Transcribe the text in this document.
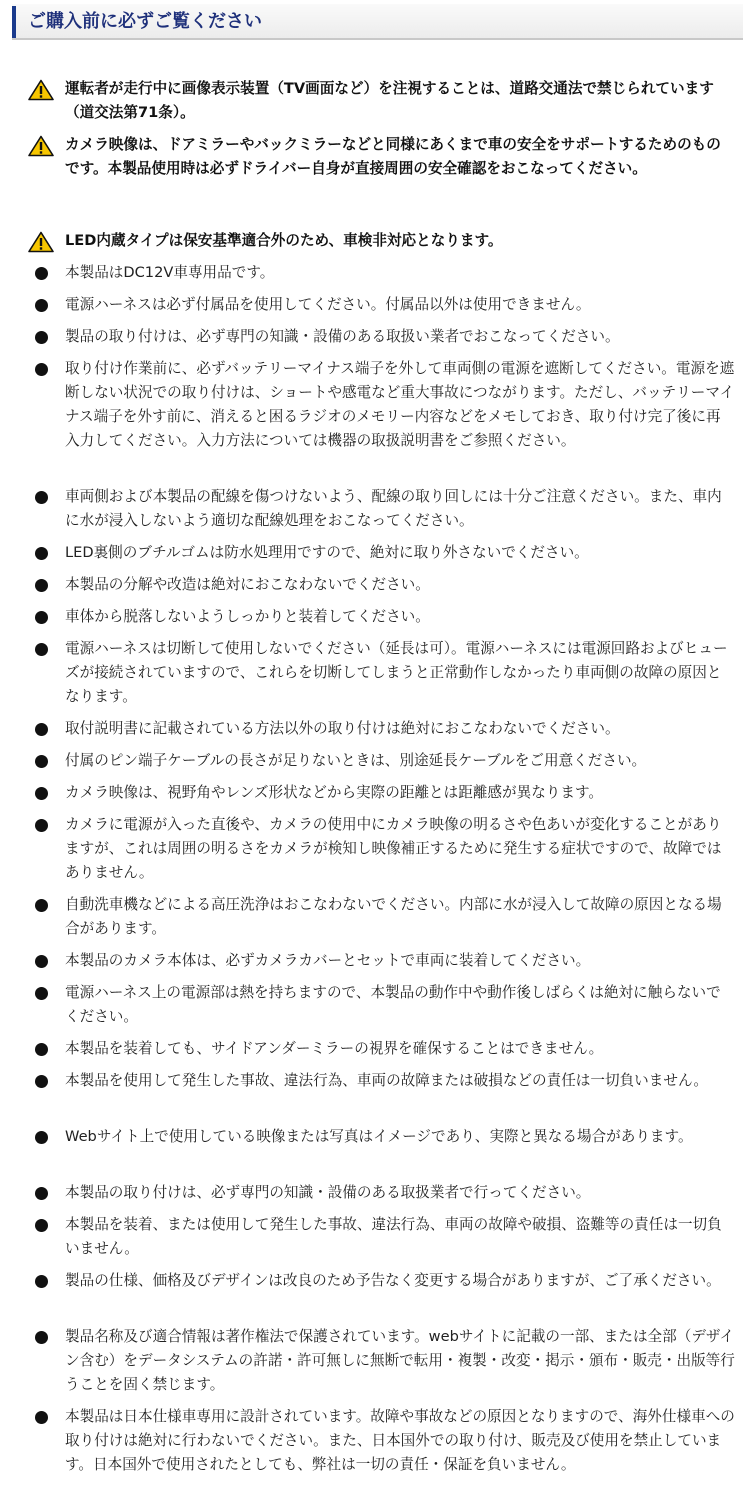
ご購入前に必ずご覧ください
運転者が走行中に画像表示装置（TV画面など）を注視することは、道路交通法で禁じられています（道交法第71条）。
カメラ映像は、ドアミラーやバックミラーなどと同様にあくまで車の安全をサポートするためのものです。本製品使用時は必ずドライバー自身が直接周囲の安全確認をおこなってください。
LED内蔵タイプは保安基準適合外のため、車検非対応となります。
本製品はDC12V車専用品です。
電源ハーネスは必ず付属品を使用してください。付属品以外は使用できません。
製品の取り付けは、必ず専門の知識・設備のある取扱い業者でおこなってください。
取り付け作業前に、必ずバッテリーマイナス端子を外して車両側の電源を遮断してください。電源を遮断しない状況での取り付けは、ショートや感電など重大事故につながります。ただし、バッテリーマイナス端子を外す前に、消えると困るラジオのメモリー内容などをメモしておき、取り付け完了後に再入力してください。入力方法については機器の取扱説明書をご参照ください。
車両側および本製品の配線を傷つけないよう、配線の取り回しには十分ご注意ください。また、車内に水が浸入しないよう適切な配線処理をおこなってください。
LED裏側のブチルゴムは防水処理用ですので、絶対に取り外さないでください。
本製品の分解や改造は絶対におこなわないでください。
車体から脱落しないようしっかりと装着してください。
電源ハーネスは切断して使用しないでください（延長は可）。電源ハーネスには電源回路およびヒューズが接続されていますので、これらを切断してしまうと正常動作しなかったり車両側の故障の原因となります。
取付説明書に記載されている方法以外の取り付けは絶対におこなわないでください。
付属のピン端子ケーブルの長さが足りないときは、別途延長ケーブルをご用意ください。
カメラ映像は、視野角やレンズ形状などから実際の距離とは距離感が異なります。
カメラに電源が入った直後や、カメラの使用中にカメラ映像の明るさや色あいが変化することがありますが、これは周囲の明るさをカメラが検知し映像補正するために発生する症状ですので、故障ではありません。
自動洗車機などによる高圧洗浄はおこなわないでください。内部に水が浸入して故障の原因となる場合があります。
本製品のカメラ本体は、必ずカメラカバーとセットで車両に装着してください。
電源ハーネス上の電源部は熱を持ちますので、本製品の動作中や動作後しばらくは絶対に触らないでください。
本製品を装着しても、サイドアンダーミラーの視界を確保することはできません。
本製品を使用して発生した事故、違法行為、車両の故障または破損などの責任は一切負いません。
Webサイト上で使用している映像または写真はイメージであり、実際と異なる場合があります。
本製品の取り付けは、必ず専門の知識・設備のある取扱業者で行ってください。
本製品を装着、または使用して発生した事故、違法行為、車両の故障や破損、盗難等の責任は一切負いません。
製品の仕様、価格及びデザインは改良のため予告なく変更する場合がありますが、ご了承ください。
製品名称及び適合情報は著作権法で保護されています。webサイトに記載の一部、または全部（デザイン含む）をデータシステムの許諾・許可無しに無断で転用・複製・改変・掲示・頒布・販売・出版等行うことを固く禁じます。
本製品は日本仕様車専用に設計されています。故障や事故などの原因となりますので、海外仕様車への取り付けは絶対に行わないでください。また、日本国外での取り付け、販売及び使用を禁止しています。日本国外で使用されたとしても、弊社は一切の責任・保証を負いません。
